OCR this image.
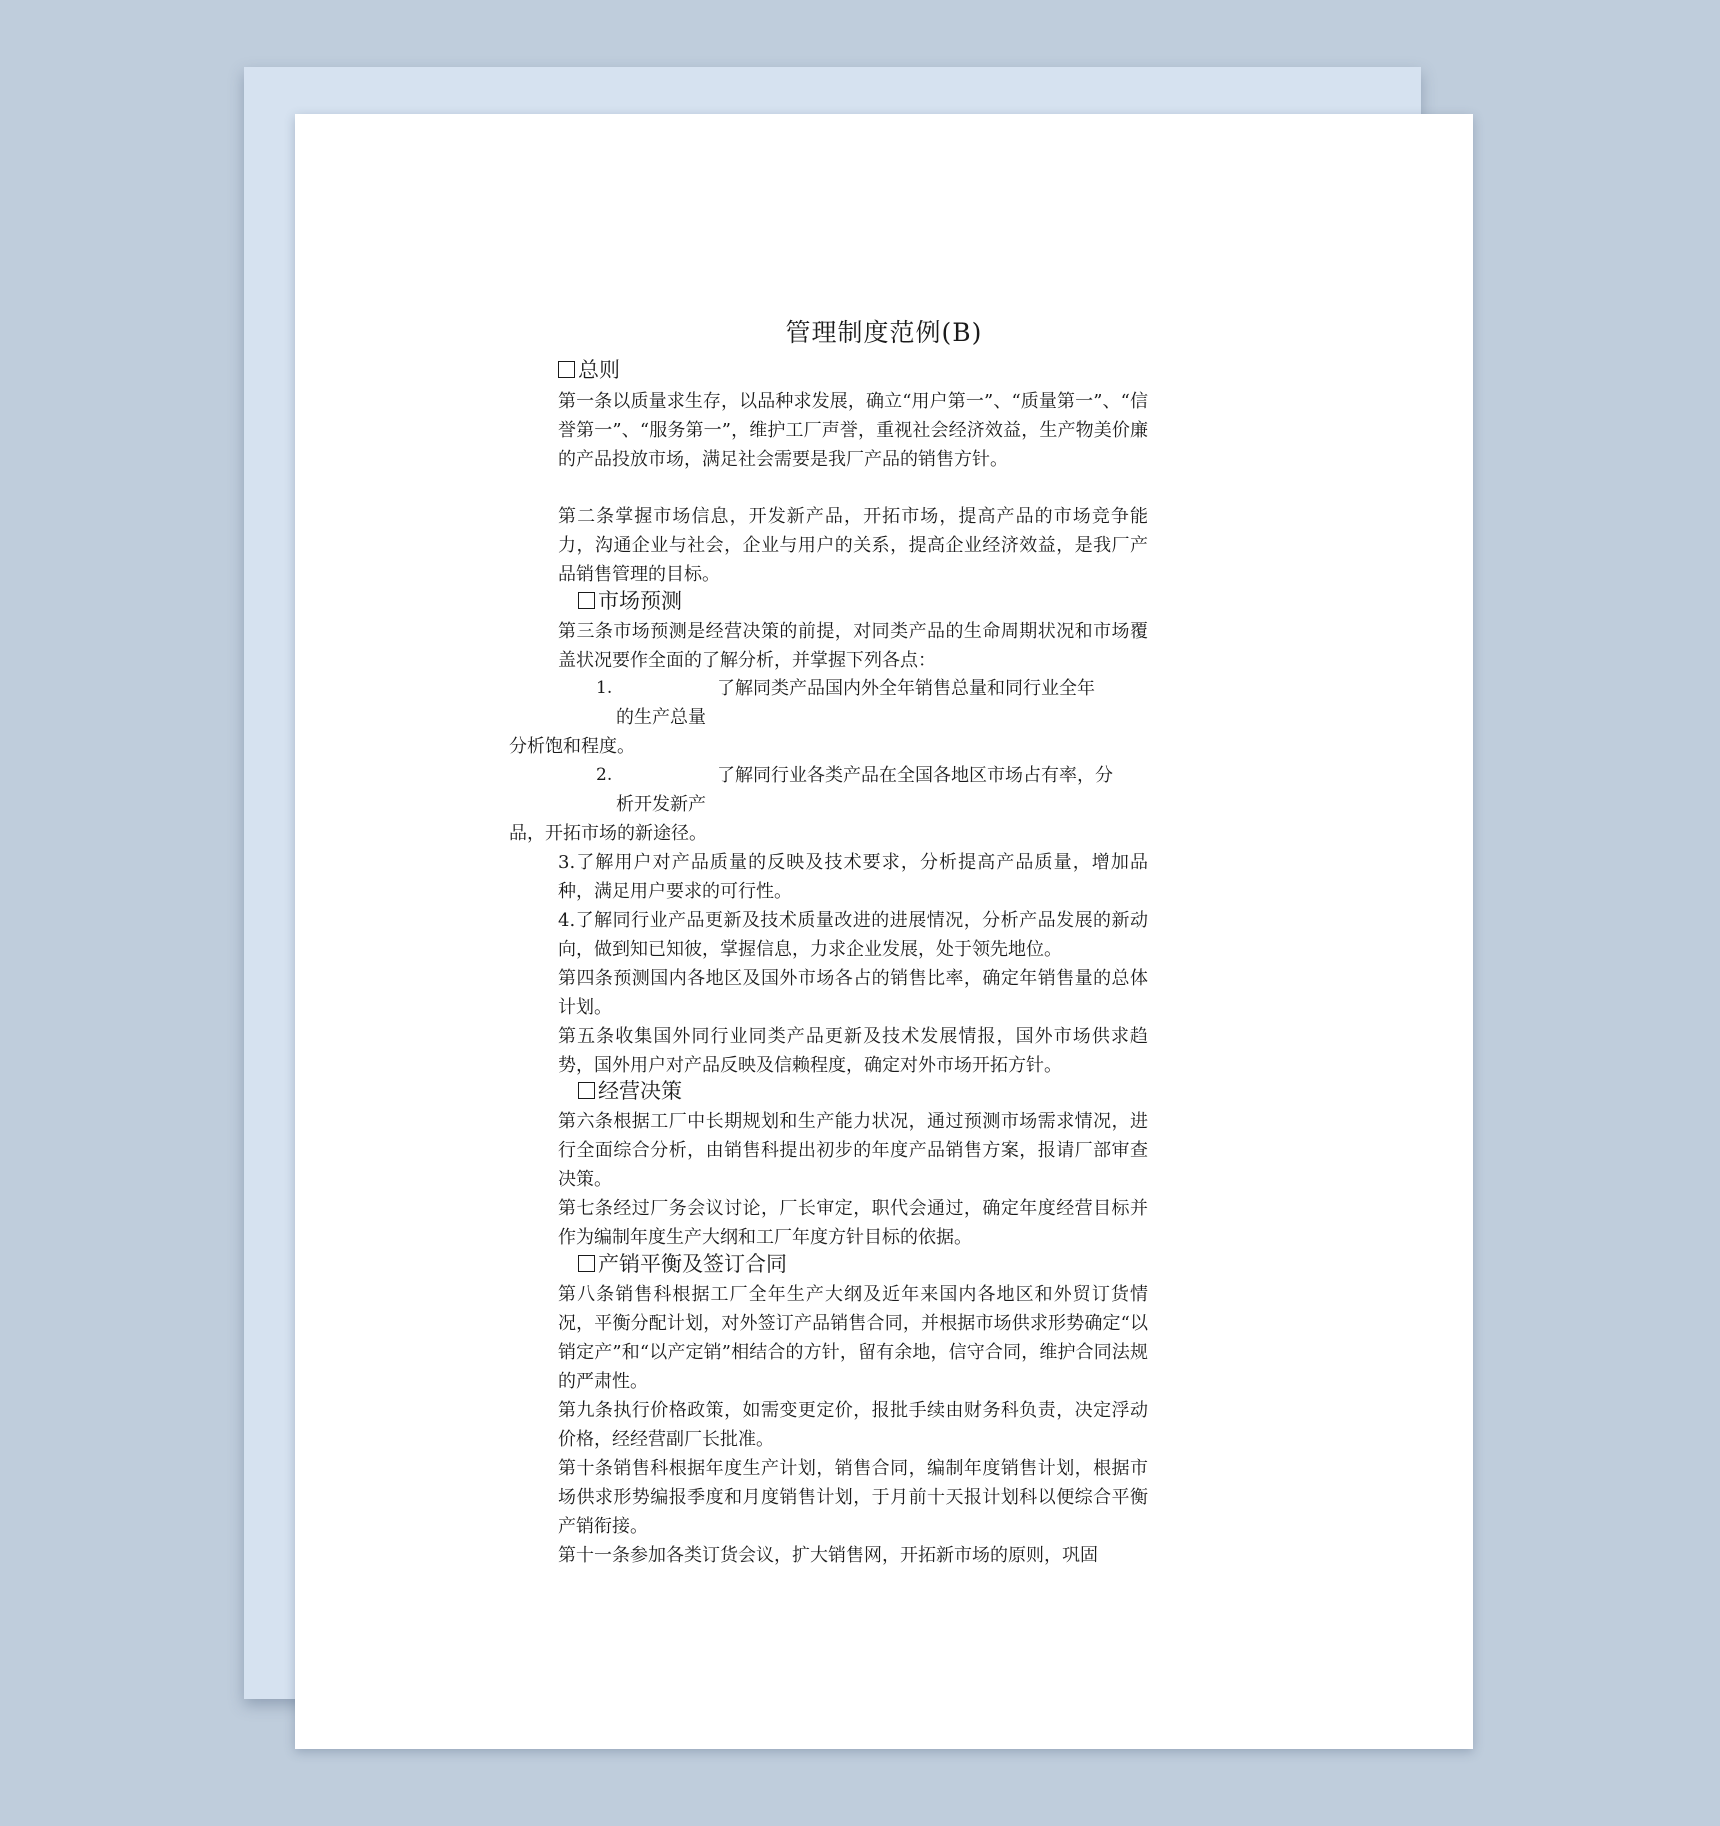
管理制度范例(B)
总则
第一条以质量求生存，以品种求发展，确立“用户第一”、“质量第一”、“信誉第一”、“服务第一”，维护工厂声誉，重视社会经济效益，生产物美价廉的产品投放市场，满足社会需要是我厂产品的销售方针。
第二条掌握市场信息，开发新产品，开拓市场，提高产品的市场竞争能力，沟通企业与社会，企业与用户的关系，提高企业经济效益，是我厂产品销售管理的目标。
市场预测
第三条市场预测是经营决策的前提，对同类产品的生命周期状况和市场覆盖状况要作全面的了解分析，并掌握下列各点：
1.	了解同类产品国内外全年销售总量和同行业全年
的生产总量
分析饱和程度。
2.	了解同行业各类产品在全国各地区市场占有率，分
析开发新产
品，开拓市场的新途径。
3.了解用户对产品质量的反映及技术要求，分析提高产品质量，增加品种，满足用户要求的可行性。
4.了解同行业产品更新及技术质量改进的进展情况，分析产品发展的新动向，做到知已知彼，掌握信息，力求企业发展，处于领先地位。
第四条预测国内各地区及国外市场各占的销售比率，确定年销售量的总体计划。
第五条收集国外同行业同类产品更新及技术发展情报，国外市场供求趋势，国外用户对产品反映及信赖程度，确定对外市场开拓方针。
经营决策
第六条根据工厂中长期规划和生产能力状况，通过预测市场需求情况，进行全面综合分析，由销售科提出初步的年度产品销售方案，报请厂部审查决策。
第七条经过厂务会议讨论，厂长审定，职代会通过，确定年度经营目标并作为编制年度生产大纲和工厂年度方针目标的依据。
产销平衡及签订合同
第八条销售科根据工厂全年生产大纲及近年来国内各地区和外贸订货情况，平衡分配计划，对外签订产品销售合同，并根据市场供求形势确定“以销定产”和“以产定销”相结合的方针，留有余地，信守合同，维护合同法规的严肃性。
第九条执行价格政策，如需变更定价，报批手续由财务科负责，决定浮动价格，经经营副厂长批准。
第十条销售科根据年度生产计划，销售合同，编制年度销售计划，根据市场供求形势编报季度和月度销售计划，于月前十天报计划科以便综合平衡产销衔接。
第十一条参加各类订货会议，扩大销售网，开拓新市场的原则，巩固
